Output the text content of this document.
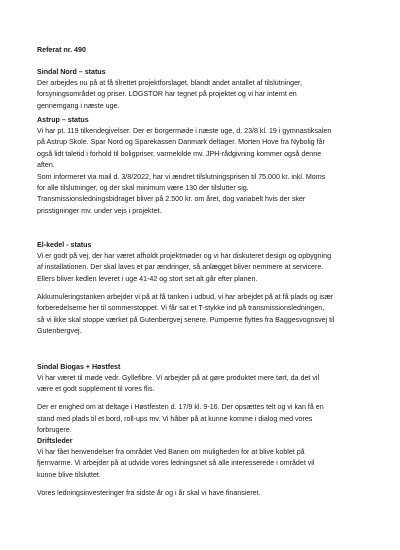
Referat nr. 490
Sindal Nord – status
Der arbejdes nu på at få tilrettet projektforslaget, blandt andet antallet af tilslutninger,
forsyningsområdet og priser. LOGSTOR har tegnet på projektet og vi har internt en
gennemgang i næste uge.
Astrup – status
Vi har pt. 119 tilkendegivelser. Der er borgermøde i næste uge, d. 23/8 kl. 19 i gymnastiksalen
på Astrup Skole. Spar Nord og Sparekassen Danmark deltager. Morten Hove fra Nybolig får
også lidt taletid i forhold til boligpriser, varmekilde mv. JPH-rådgivning kommer også denne
aften.
Som informeret via mail d. 3/8/2022, har vi ændret tilslutningsprisen til 75.000 kr. inkl. Moms
for alle tilslutninger, og der skal minimum være 130 der tilslutter sig.
Transmissionsledningsbidraget bliver på 2.500 kr. om året, dog variabelt hvis der sker
prisstigninger mv. under vejs i projektet.
El-kedel - status
Vi er godt på vej, der har været afholdt projektmøder og vi har diskuteret design og opbygning
af installationen. Der skal laves et par ændringer, så anlægget bliver nemmere at servicere.
Ellers bliver kedlen leveret i uge 41-42 og stort set alt går efter planen.
Akkumuleringstanken arbejder vi på at få tanken i udbud, vi har arbejdet på at få plads og især
forberedelserne her til sommerstoppet. Vi får sat et T-stykke ind på transmissionsledningen,
så vi ikke skal stoppe værket på Gutenbergvej senere. Pumperne flyttes fra Baggesvognsvej til
Gutenbergvej.
Sindal Biogas + Høstfest
Vi har været til møde vedr. Gyllefibre. Vi arbejder på at gøre produktet mere tørt, da det vil
være et godt supplement til vores flis.
Der er enighed om at deltage i Høstfesten d. 17/9 kl. 9-16. Der opsættes telt og vi kan få en
stand med plads til et bord, roll-ups mv. Vi håber på at kunne komme i dialog med vores
forbrugere.
Driftsleder
Vi har fået henvendelser fra området Ved Banen om muligheden for at blive koblet på
fjernvarme. Vi arbejder på at udvide vores ledningsnet så alle interesserede i området vil
kunne blive tilsluttet.
Vores ledningsinvesteringer fra sidste år og i år skal vi have finansieret.
